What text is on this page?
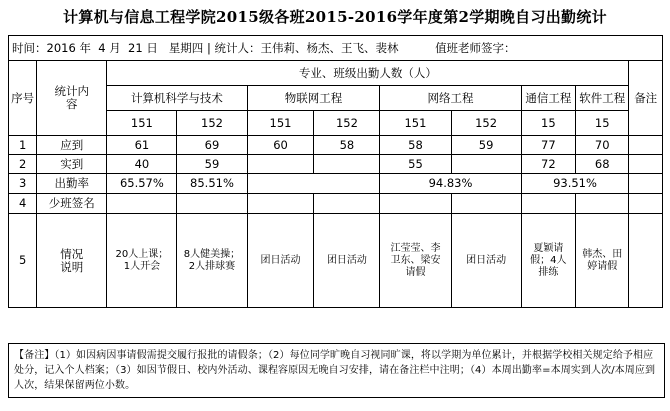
计算机与信息工程学院2015级各班2015-2016学年度第2学期晚自习出勤统计
时间：2016 年 4 月 21 日 星期四 | 统计人：王伟莉、杨杰、王飞、裴林 值班老师签字：										
序号	统计内容	专业、班级出勤人数（人）								备注
		计算机科学与技术		物联网工程		网络工程		通信工程	软件工程	
		151	152	151	152	151	152	15	15	
1	应到	61	69	60	58	58	59	77	70	
2	实到	40	59			55		72	68	
3	出勤率	65.57%	85.51%			94.83%		93.51%		
4	少班签名									
5	情况说明	20人上课；1人开会	8人健美操；2人排球赛	团日活动	团日活动	江莹莹、李卫东、梁安请假	团日活动	夏颖请假；4人排练	韩杰、田婷请假	
【备注】（1）如因病因事请假需提交履行报批的请假条；（2）每位同学旷晚自习视同旷课，将以学期为单位累计，并根据学校相关规定给予相应处分，记入个人档案；（3）如因节假日、校内外活动、课程容原因无晚自习安排，请在备注栏中注明；（4）本周出勤率=本周实到人次/本周应到人次，结果保留两位小数。
